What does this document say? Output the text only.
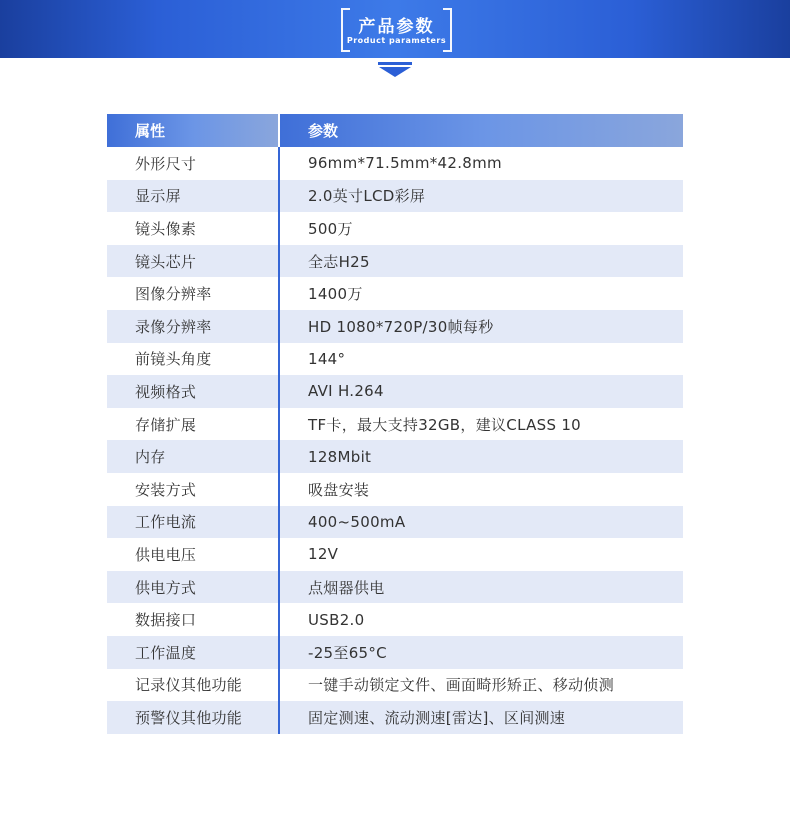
产品参数
Product parameters
属性	参数
外形尺寸	96mm*71.5mm*42.8mm
显示屏	2.0英寸LCD彩屏
镜头像素	500万
镜头芯片	全志H25
图像分辨率	1400万
录像分辨率	HD 1080*720P/30帧每秒
前镜头角度	144°
视频格式	AVI H.264
存储扩展	TF卡，最大支持32GB，建议CLASS 10
内存	128Mbit
安装方式	吸盘安装
工作电流	400~500mA
供电电压	12V
供电方式	点烟器供电
数据接口	USB2.0
工作温度	-25至65°C
记录仪其他功能	一键手动锁定文件、画面畸形矫正、移动侦测
预警仪其他功能	固定测速、流动测速[雷达]、区间测速
